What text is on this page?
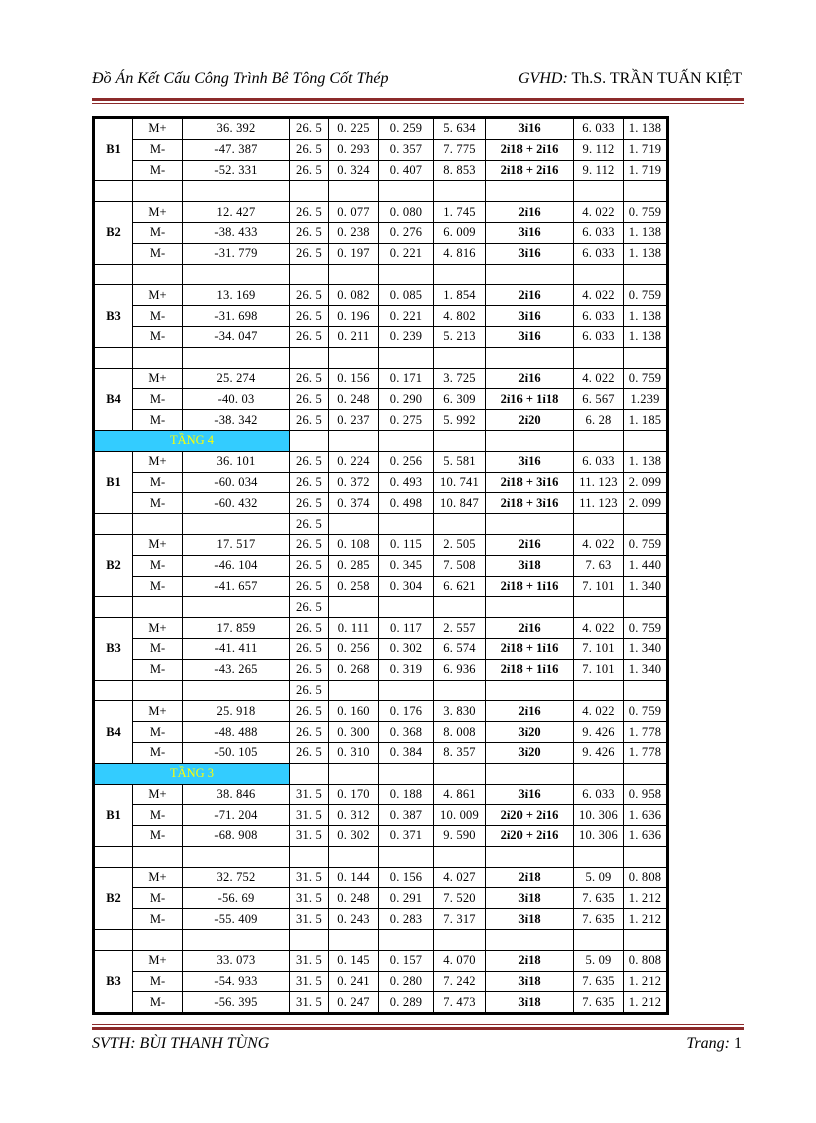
Đồ Án Kết Cấu Công Trình Bê Tông Cốt Thép	GVHD: Th.S. TRẦN TUẤN KIỆT
B1	M+	36. 392	26. 5	0. 225	0. 259	5. 634	3ỉ16	6. 033	1. 138
	M-	-47. 387	26. 5	0. 293	0. 357	7. 775	2ỉ18 + 2ỉ16	9. 112	1. 719
	M-	-52. 331	26. 5	0. 324	0. 407	8. 853	2ỉ18 + 2ỉ16	9. 112	1. 719

B2	M+	12. 427	26. 5	0. 077	0. 080	1. 745	2ỉ16	4. 022	0. 759
	M-	-38. 433	26. 5	0. 238	0. 276	6. 009	3ỉ16	6. 033	1. 138
	M-	-31. 779	26. 5	0. 197	0. 221	4. 816	3ỉ16	6. 033	1. 138

B3	M+	13. 169	26. 5	0. 082	0. 085	1. 854	2ỉ16	4. 022	0. 759
	M-	-31. 698	26. 5	0. 196	0. 221	4. 802	3ỉ16	6. 033	1. 138
	M-	-34. 047	26. 5	0. 211	0. 239	5. 213	3ỉ16	6. 033	1. 138

B4	M+	25. 274	26. 5	0. 156	0. 171	3. 725	2ỉ16	4. 022	0. 759
	M-	-40. 03	26. 5	0. 248	0. 290	6. 309	2ỉ16 + 1ỉ18	6. 567	1.239
	M-	-38. 342	26. 5	0. 237	0. 275	5. 992	2ỉ20	6. 28	1. 185
TẦNG 4									
B1	M+	36. 101	26. 5	0. 224	0. 256	5. 581	3ỉ16	6. 033	1. 138
	M-	-60. 034	26. 5	0. 372	0. 493	10. 741	2ỉ18 + 3ỉ16	11. 123	2. 099
	M-	-60. 432	26. 5	0. 374	0. 498	10. 847	2ỉ18 + 3ỉ16	11. 123	2. 099
			26. 5						
B2	M+	17. 517	26. 5	0. 108	0. 115	2. 505	2ỉ16	4. 022	0. 759
	M-	-46. 104	26. 5	0. 285	0. 345	7. 508	3ỉ18	7. 63	1. 440
	M-	-41. 657	26. 5	0. 258	0. 304	6. 621	2ỉ18 + 1ỉ16	7. 101	1. 340
			26. 5						
B3	M+	17. 859	26. 5	0. 111	0. 117	2. 557	2ỉ16	4. 022	0. 759
	M-	-41. 411	26. 5	0. 256	0. 302	6. 574	2ỉ18 + 1ỉ16	7. 101	1. 340
	M-	-43. 265	26. 5	0. 268	0. 319	6. 936	2ỉ18 + 1ỉ16	7. 101	1. 340
			26. 5						
B4	M+	25. 918	26. 5	0. 160	0. 176	3. 830	2ỉ16	4. 022	0. 759
	M-	-48. 488	26. 5	0. 300	0. 368	8. 008	3ỉ20	9. 426	1. 778
	M-	-50. 105	26. 5	0. 310	0. 384	8. 357	3ỉ20	9. 426	1. 778
TẦNG 3									
B1	M+	38. 846	31. 5	0. 170	0. 188	4. 861	3ỉ16	6. 033	0. 958
	M-	-71. 204	31. 5	0. 312	0. 387	10. 009	2ỉ20 + 2ỉ16	10. 306	1. 636
	M-	-68. 908	31. 5	0. 302	0. 371	9. 590	2ỉ20 + 2ỉ16	10. 306	1. 636

B2	M+	32. 752	31. 5	0. 144	0. 156	4. 027	2ỉ18	5. 09	0. 808
	M-	-56. 69	31. 5	0. 248	0. 291	7. 520	3ỉ18	7. 635	1. 212
	M-	-55. 409	31. 5	0. 243	0. 283	7. 317	3ỉ18	7. 635	1. 212

B3	M+	33. 073	31. 5	0. 145	0. 157	4. 070	2ỉ18	5. 09	0. 808
	M-	-54. 933	31. 5	0. 241	0. 280	7. 242	3ỉ18	7. 635	1. 212
	M-	-56. 395	31. 5	0. 247	0. 289	7. 473	3ỉ18	7. 635	1. 212
SVTH: BÙI THANH TÙNG	Trang: 1
